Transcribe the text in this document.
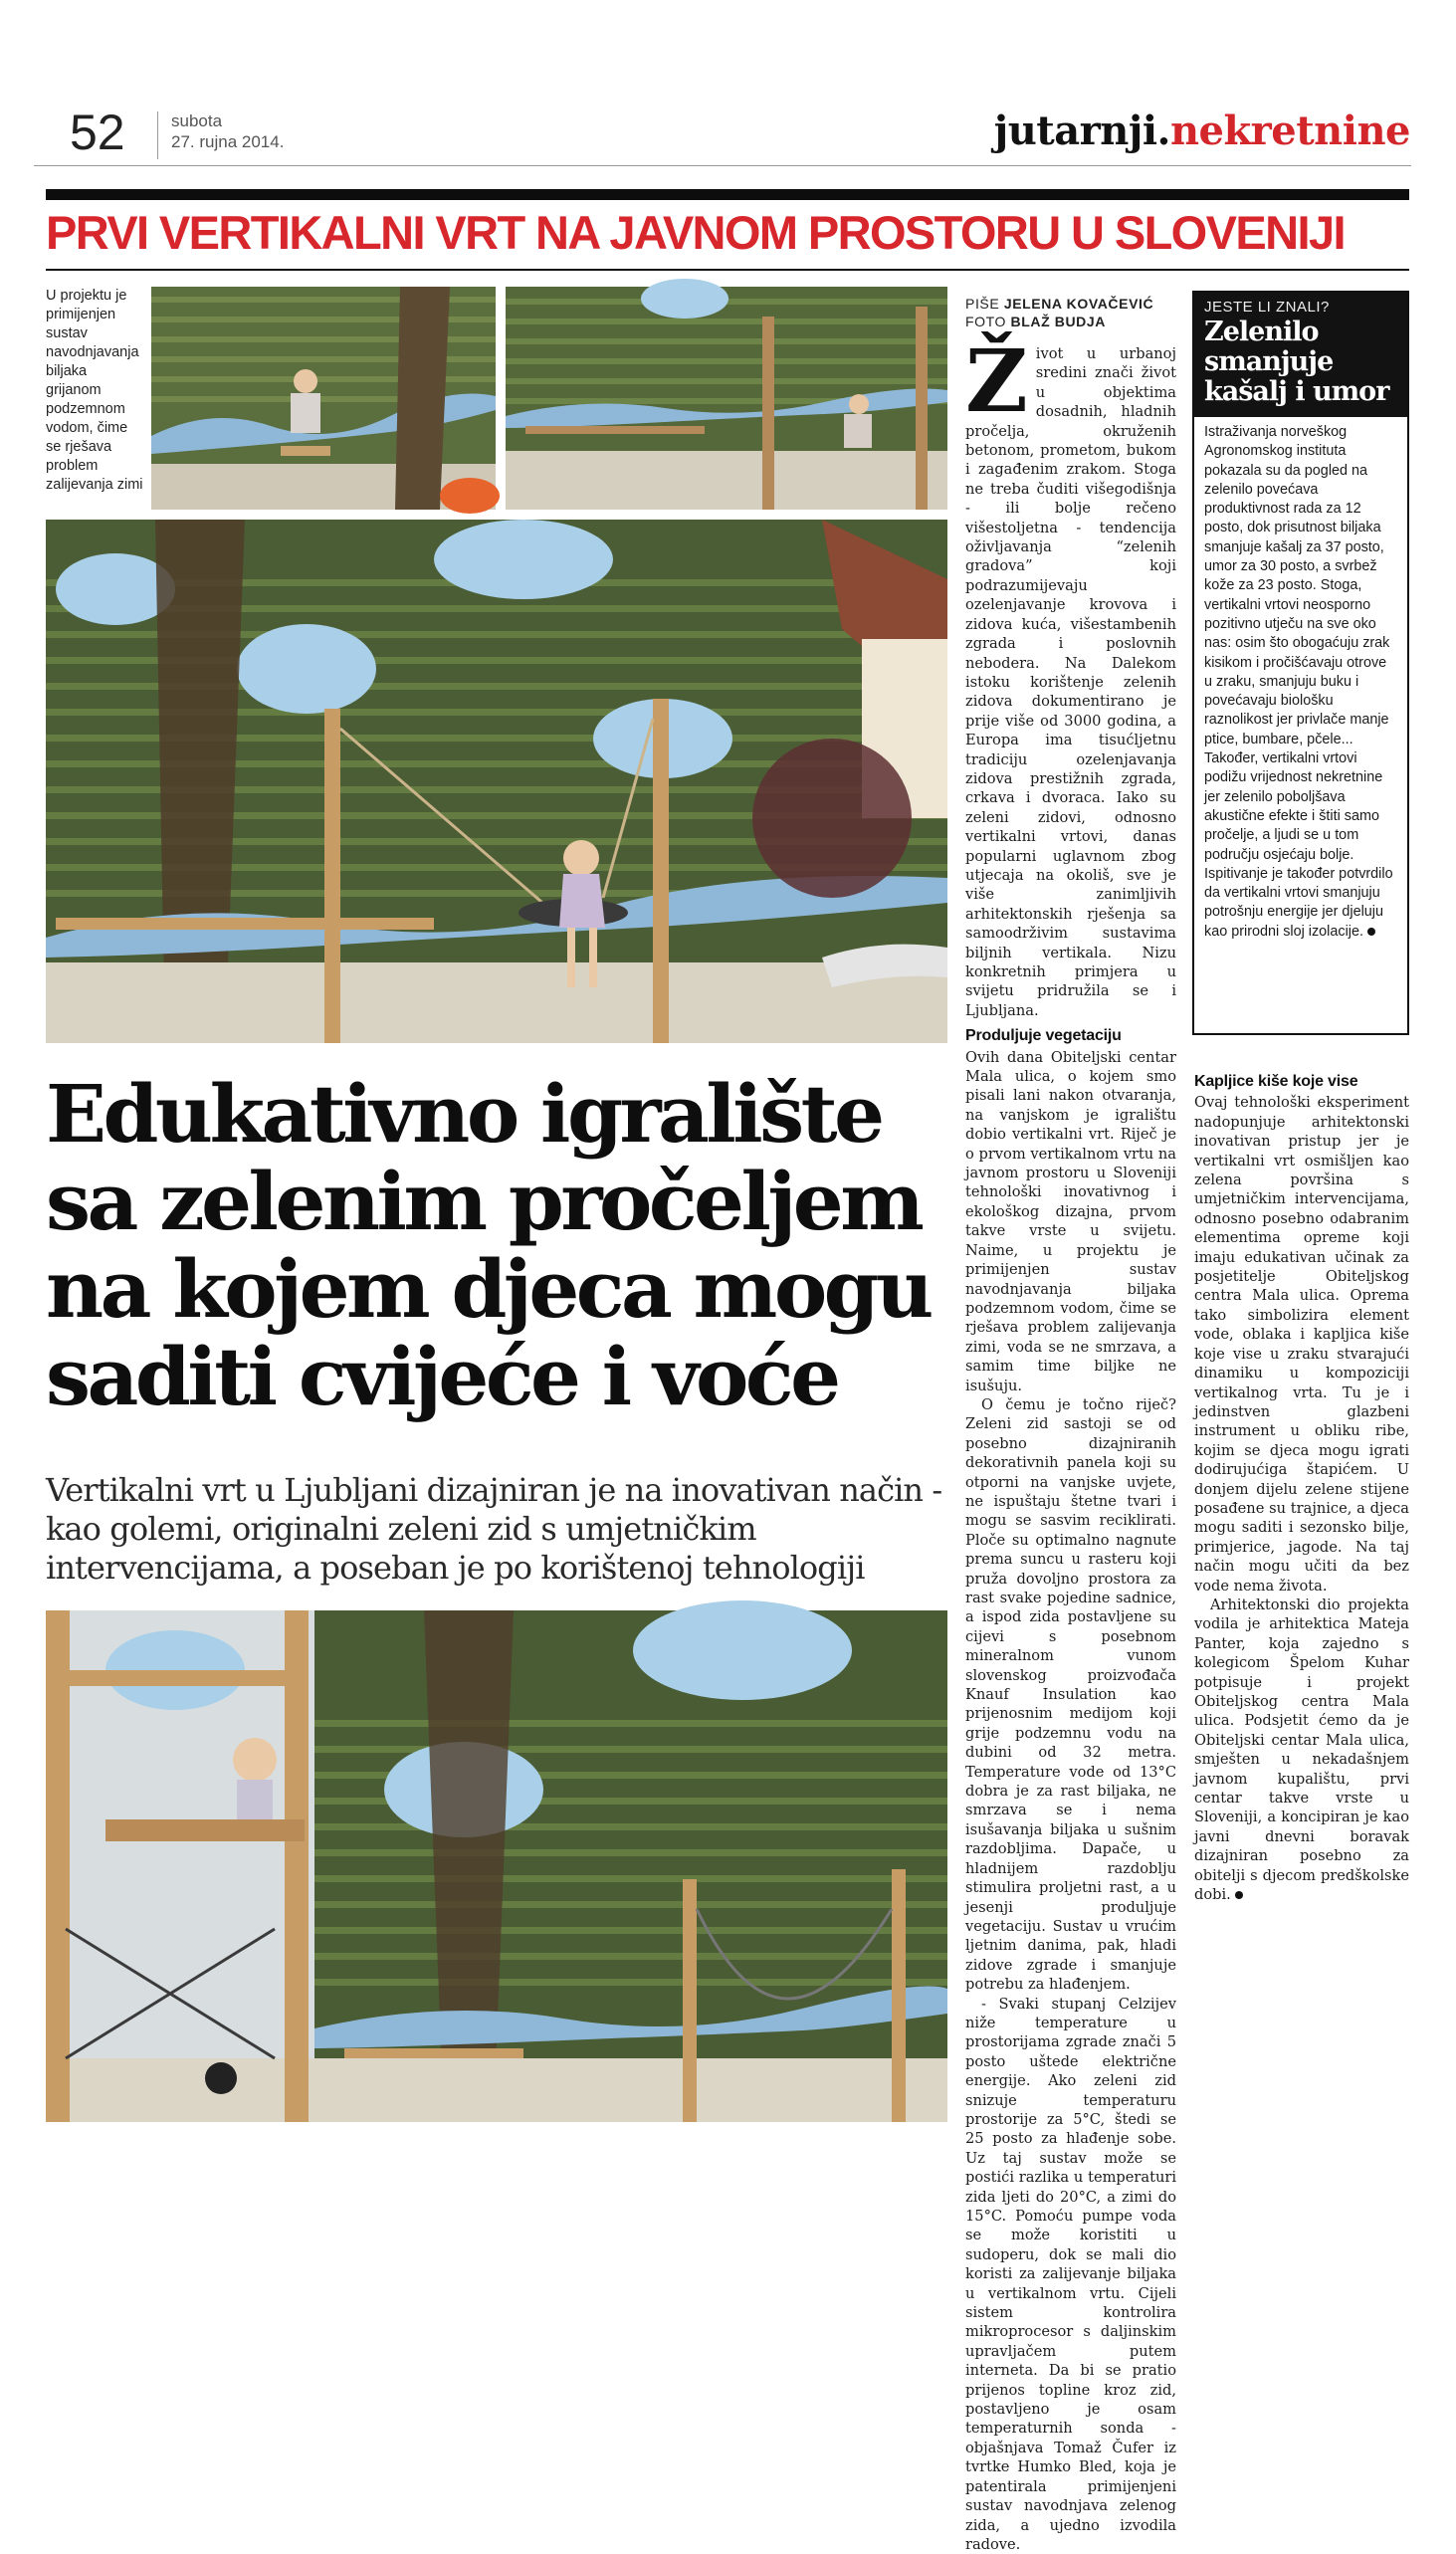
52	subota
27. rujna 2014.	jutarnji.nekretnine
PRVI VERTIKALNI VRT NA JAVNOM PROSTORU U SLOVENIJI
U projektu je primijenjen sustav navodnjavanja biljaka grijanom podzemnom vodom, čime se rješava problem zalijevanja zimi
Edukativno igralište
sa zelenim pročeljem
na kojem djeca mogu
saditi cvijeće i voće
Vertikalni vrt u Ljubljani dizajniran je na inovativan način - kao golemi, originalni zeleni zid s umjetničkim intervencijama, a poseban je po korištenoj tehnologiji
PIŠE JELENA KOVAČEVIĆ
FOTO BLAŽ BUDJA
Ž ivot u urbanoj sredini znači život u objektima dosadnih, hladnih pročelja, okruženih betonom, prometom, bukom i zagađenim zrakom. Stoga ne treba čuditi višegodišnja - ili bolje rečeno višestoljetna - tendencija oživljavanja “zelenih gradova” koji podrazumijevaju ozelenjavanje krovova i zidova kuća, višestambenih zgrada i poslovnih nebodera. Na Dalekom istoku korištenje zelenih zidova dokumentirano je prije više od 3000 godina, a Europa ima tisućljetnu tradiciju ozelenjavanja zidova prestižnih zgrada, crkava i dvoraca. Iako su zeleni zidovi, odnosno vertikalni vrtovi, danas popularni uglavnom zbog utjecaja na okoliš, sve je više zanimljivih arhitektonskih rješenja sa samoodrživim sustavima biljnih vertikala. Nizu konkretnih primjera u svijetu pridružila se i Ljubljana.

Produljuje vegetaciju

Ovih dana Obiteljski centar Mala ulica, o kojem smo pisali lani nakon otvaranja, na vanjskom je igralištu dobio vertikalni vrt. Riječ je o prvom vertikalnom vrtu na javnom prostoru u Sloveniji tehnološki inovativnog i ekološkog dizajna, prvom takve vrste u svijetu. Naime, u projektu je primijenjen sustav navodnjavanja biljaka podzemnom vodom, čime se rješava problem zalijevanja zimi, voda se ne smrzava, a samim time biljke ne isušuju.

O čemu je točno riječ? Zeleni zid sastoji se od posebno dizajniranih dekorativnih panela koji su otporni na vanjske uvjete, ne ispuštaju štetne tvari i mogu se sasvim reciklirati. Ploče su optimalno nagnute prema suncu u rasteru koji pruža dovoljno prostora za rast svake pojedine sadnice, a ispod zida postavljene su cijevi s posebnom mineralnom vunom slovenskog proizvođača Knauf Insulation kao prijenosnim medijom koji grije podzemnu vodu na dubini od 32 metra. Temperature vode od 13°C dobra je za rast biljaka, ne smrzava se i nema isušavanja biljaka u sušnim razdobljima. Dapače, u hladnijem razdoblju stimulira proljetni rast, a u jesenji produljuje vegetaciju. Sustav u vrućim ljetnim danima, pak, hladi zidove zgrade i smanjuje potrebu za hlađenjem.

- Svaki stupanj Celzijev niže temperature u prostorijama zgrade znači 5 posto uštede električne energije. Ako zeleni zid snizuje temperaturu prostorije za 5°C, štedi se 25 posto za hlađenje sobe. Uz taj sustav može se postići razlika u temperaturi zida ljeti do 20°C, a zimi do 15°C. Pomoću pumpe voda se može koristiti u sudoperu, dok se mali dio koristi za zalijevanje biljaka u vertikalnom vrtu. Cijeli sistem kontrolira mikroprocesor s daljinskim upravljačem putem interneta. Da bi se pratio prijenos topline kroz zid, postavljeno je osam temperaturnih sonda - objašnjava Tomaž Čufer iz tvrtke Humko Bled, koja je patentirala primijenjeni sustav navodnjava zelenog zida, a ujedno izvodila radove.

JESTE LI ZNALI?
Zelenilo smanjuje kašalj i umor
Istraživanja norveškog Agronomskog instituta pokazala su da pogled na zelenilo povećava produktivnost rada za 12 posto, dok prisutnost biljaka smanjuje kašalj za 37 posto, umor za 30 posto, a svrbež kože za 23 posto. Stoga, vertikalni vrtovi neosporno pozitivno utječu na sve oko nas: osim što obogaćuju zrak kisikom i pročišćavaju otrove u zraku, smanjuju buku i povećavaju biološku raznolikost jer privlače manje ptice, bumbare, pčele... Također, vertikalni vrtovi podižu vrijednost nekretnine jer zelenilo poboljšava akustične efekte i štiti samo pročelje, a ljudi se u tom području osjećaju bolje. Ispitivanje je također potvrdilo da vertikalni vrtovi smanjuju potrošnju energije jer djeluju kao prirodni sloj izolacije.

Kapljice kiše koje vise

Ovaj tehnološki eksperiment nadopunjuje arhitektonski inovativan pristup jer je vertikalni vrt osmišljen kao zelena površina s umjetničkim intervencijama, odnosno posebno odabranim elementima opreme koji imaju edukativan učinak za posjetitelje Obiteljskog centra Mala ulica. Oprema tako simbolizira element vode, oblaka i kapljica kiše koje vise u zraku stvarajući dinamiku u kompoziciji vertikalnog vrta. Tu je i jedinstven glazbeni instrument u obliku ribe, kojim se djeca mogu igrati dodirujućiga štapićem. U donjem dijelu zelene stijene posađene su trajnice, a djeca mogu saditi i sezonsko bilje, primjerice, jagode. Na taj način mogu učiti da bez vode nema života.

Arhitektonski dio projekta vodila je arhitektica Mateja Panter, koja zajedno s kolegicom Špelom Kuhar potpisuje i projekt Obiteljskog centra Mala ulica. Podsjetit ćemo da je Obiteljski centar Mala ulica, smješten u nekadašnjem javnom kupalištu, prvi centar takve vrste u Sloveniji, a koncipiran je kao javni dnevni boravak dizajniran posebno za obitelji s djecom predškolske dobi.
